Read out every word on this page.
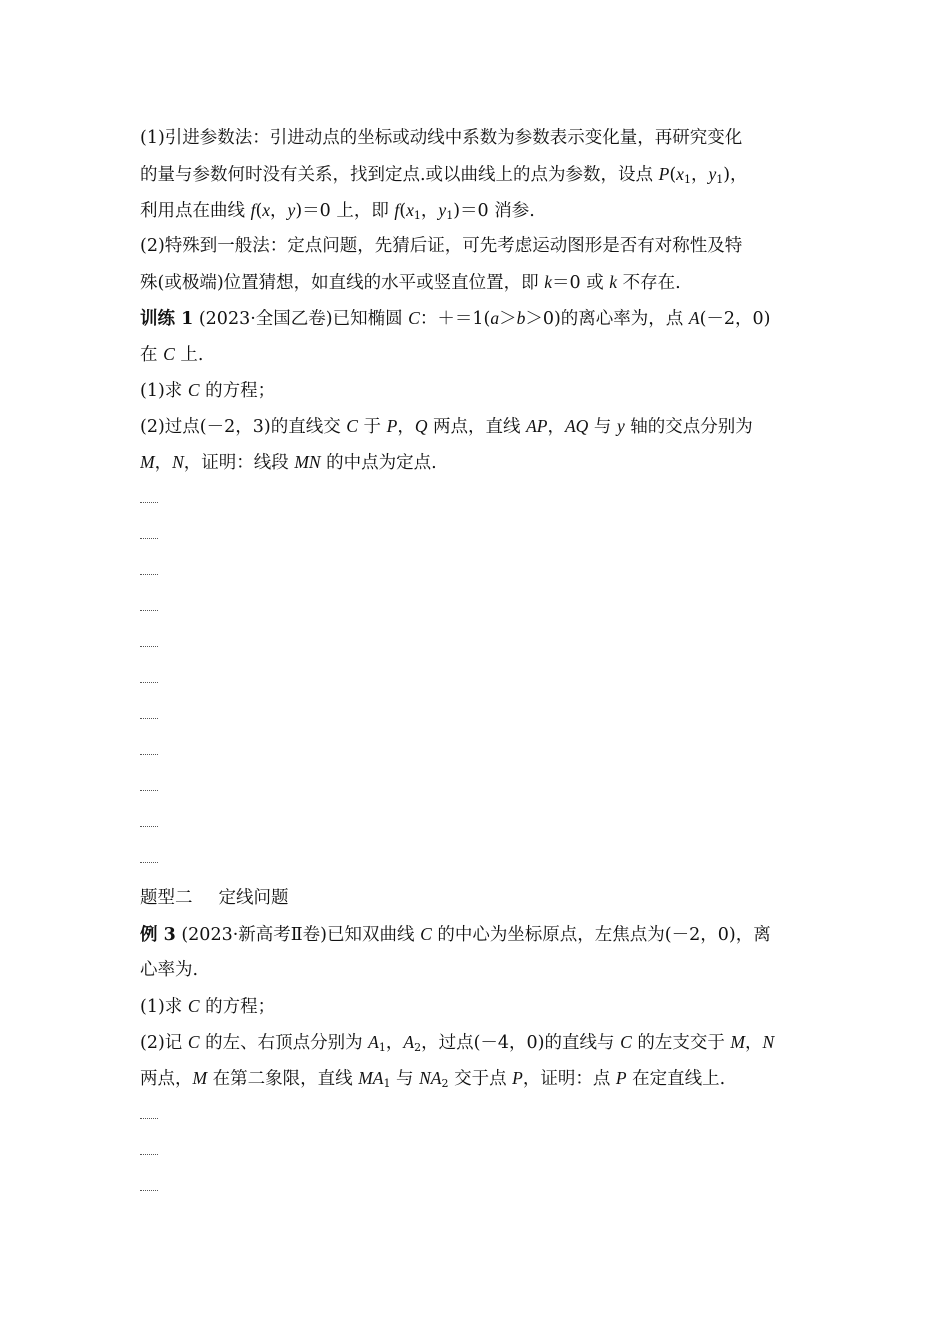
(1)引进参数法：引进动点的坐标或动线中系数为参数表示变化量，再研究变化
的量与参数何时没有关系，找到定点.或以曲线上的点为参数，设点 $P(x_1$，$y_1$)，
利用点在曲线 f(x，y)＝0 上，即 $f(x_1$，$y_1)=0$ 消参.
(2)特殊到一般法：定点问题，先猜后证，可先考虑运动图形是否有对称性及特
殊(或极端)位置猜想，如直线的水平或竖直位置，即 k＝0 或 k 不存在.
训练 1 (2023·全国乙卷)已知椭圆 C：＋＝1(a＞b＞0)的离心率为，点 A(－2，0)
在 C 上.
(1)求 C 的方程；
(2)过点(－2，3)的直线交 C 于 P，Q 两点，直线 AP，AQ 与 y 轴的交点分别为
M，N，证明：线段 MN 的中点为定点.
题型二 定线问题
例 3 (2023·新高考Ⅱ卷)已知双曲线 C 的中心为坐标原点，左焦点为(－2，0)，离
心率为.
(1)求 C 的方程；
(2)记 C 的左、右顶点分别为 $A_1$，$A_2$，过点(－4，0)的直线与 C 的左支交于 M，N
两点，M 在第二象限，直线 $MA_1$ 与 $NA_2$ 交于点 P，证明：点 P 在定直线上.
